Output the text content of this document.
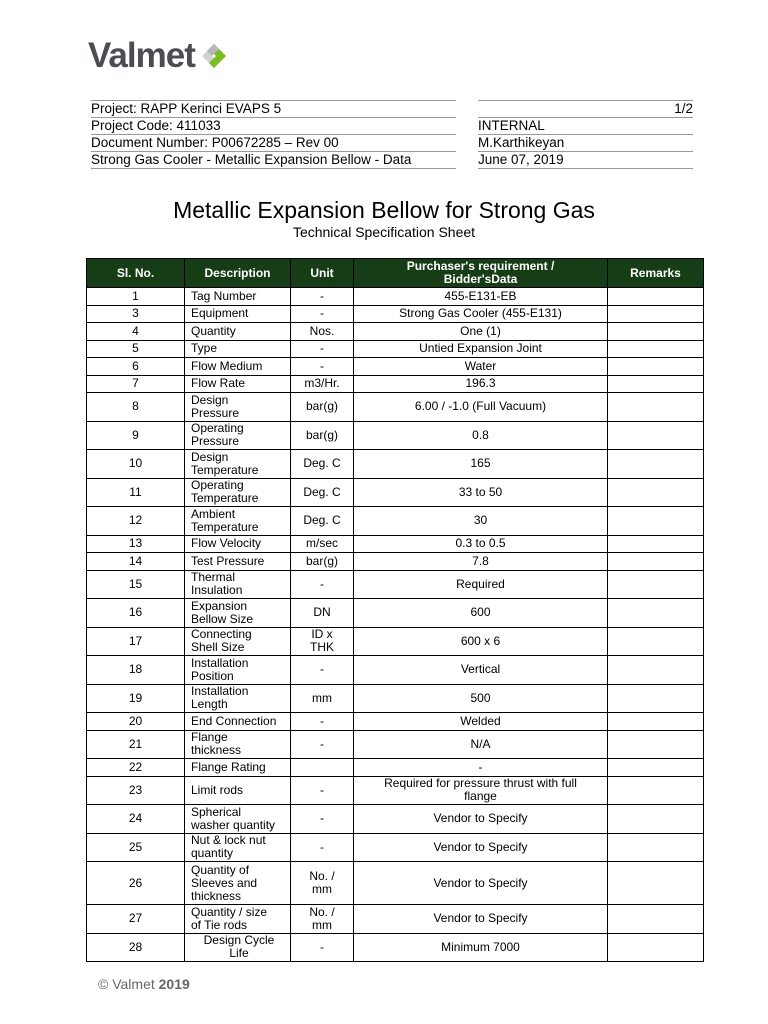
Valmet
Project: RAPP Kerinci EVAPS 5
Project Code: 411033
Document Number: P00672285 – Rev 00
Strong Gas Cooler - Metallic Expansion Bellow - Data
1/2
INTERNAL
M.Karthikeyan
June 07, 2019
Metallic Expansion Bellow for Strong Gas
Technical Specification Sheet
Sl. No.	Description	Unit	Purchaser's requirement /
Bidder'sData	Remarks
1	Tag Number	-	455-E131-EB	
3	Equipment	-	Strong Gas Cooler (455-E131)	
4	Quantity	Nos.	One (1)	
5	Type	-	Untied Expansion Joint	
6	Flow Medium	-	Water	
7	Flow Rate	m3/Hr.	196.3	
8	Design
Pressure	bar(g)	6.00 / -1.0 (Full Vacuum)	
9	Operating
Pressure	bar(g)	0.8	
10	Design
Temperature	Deg. C	165	
11	Operating
Temperature	Deg. C	33 to 50	
12	Ambient
Temperature	Deg. C	30	
13	Flow Velocity	m/sec	0.3 to 0.5	
14	Test Pressure	bar(g)	7.8	
15	Thermal
Insulation	-	Required	
16	Expansion
Bellow Size	DN	600	
17	Connecting
Shell Size	ID x
THK	600 x 6	
18	Installation
Position	-	Vertical	
19	Installation
Length	mm	500	
20	End Connection	-	Welded	
21	Flange
thickness	-	N/A	
22	Flange Rating		-	
23	Limit rods	-	Required for pressure thrust with full
flange	
24	Spherical
washer quantity	-	Vendor to Specify	
25	Nut & lock nut
quantity	-	Vendor to Specify	
26	Quantity of
Sleeves and
thickness	No. /
mm	Vendor to Specify	
27	Quantity / size
of Tie rods	No. /
mm	Vendor to Specify	
28	Design Cycle
Life	-	Minimum 7000	
© Valmet 2019
